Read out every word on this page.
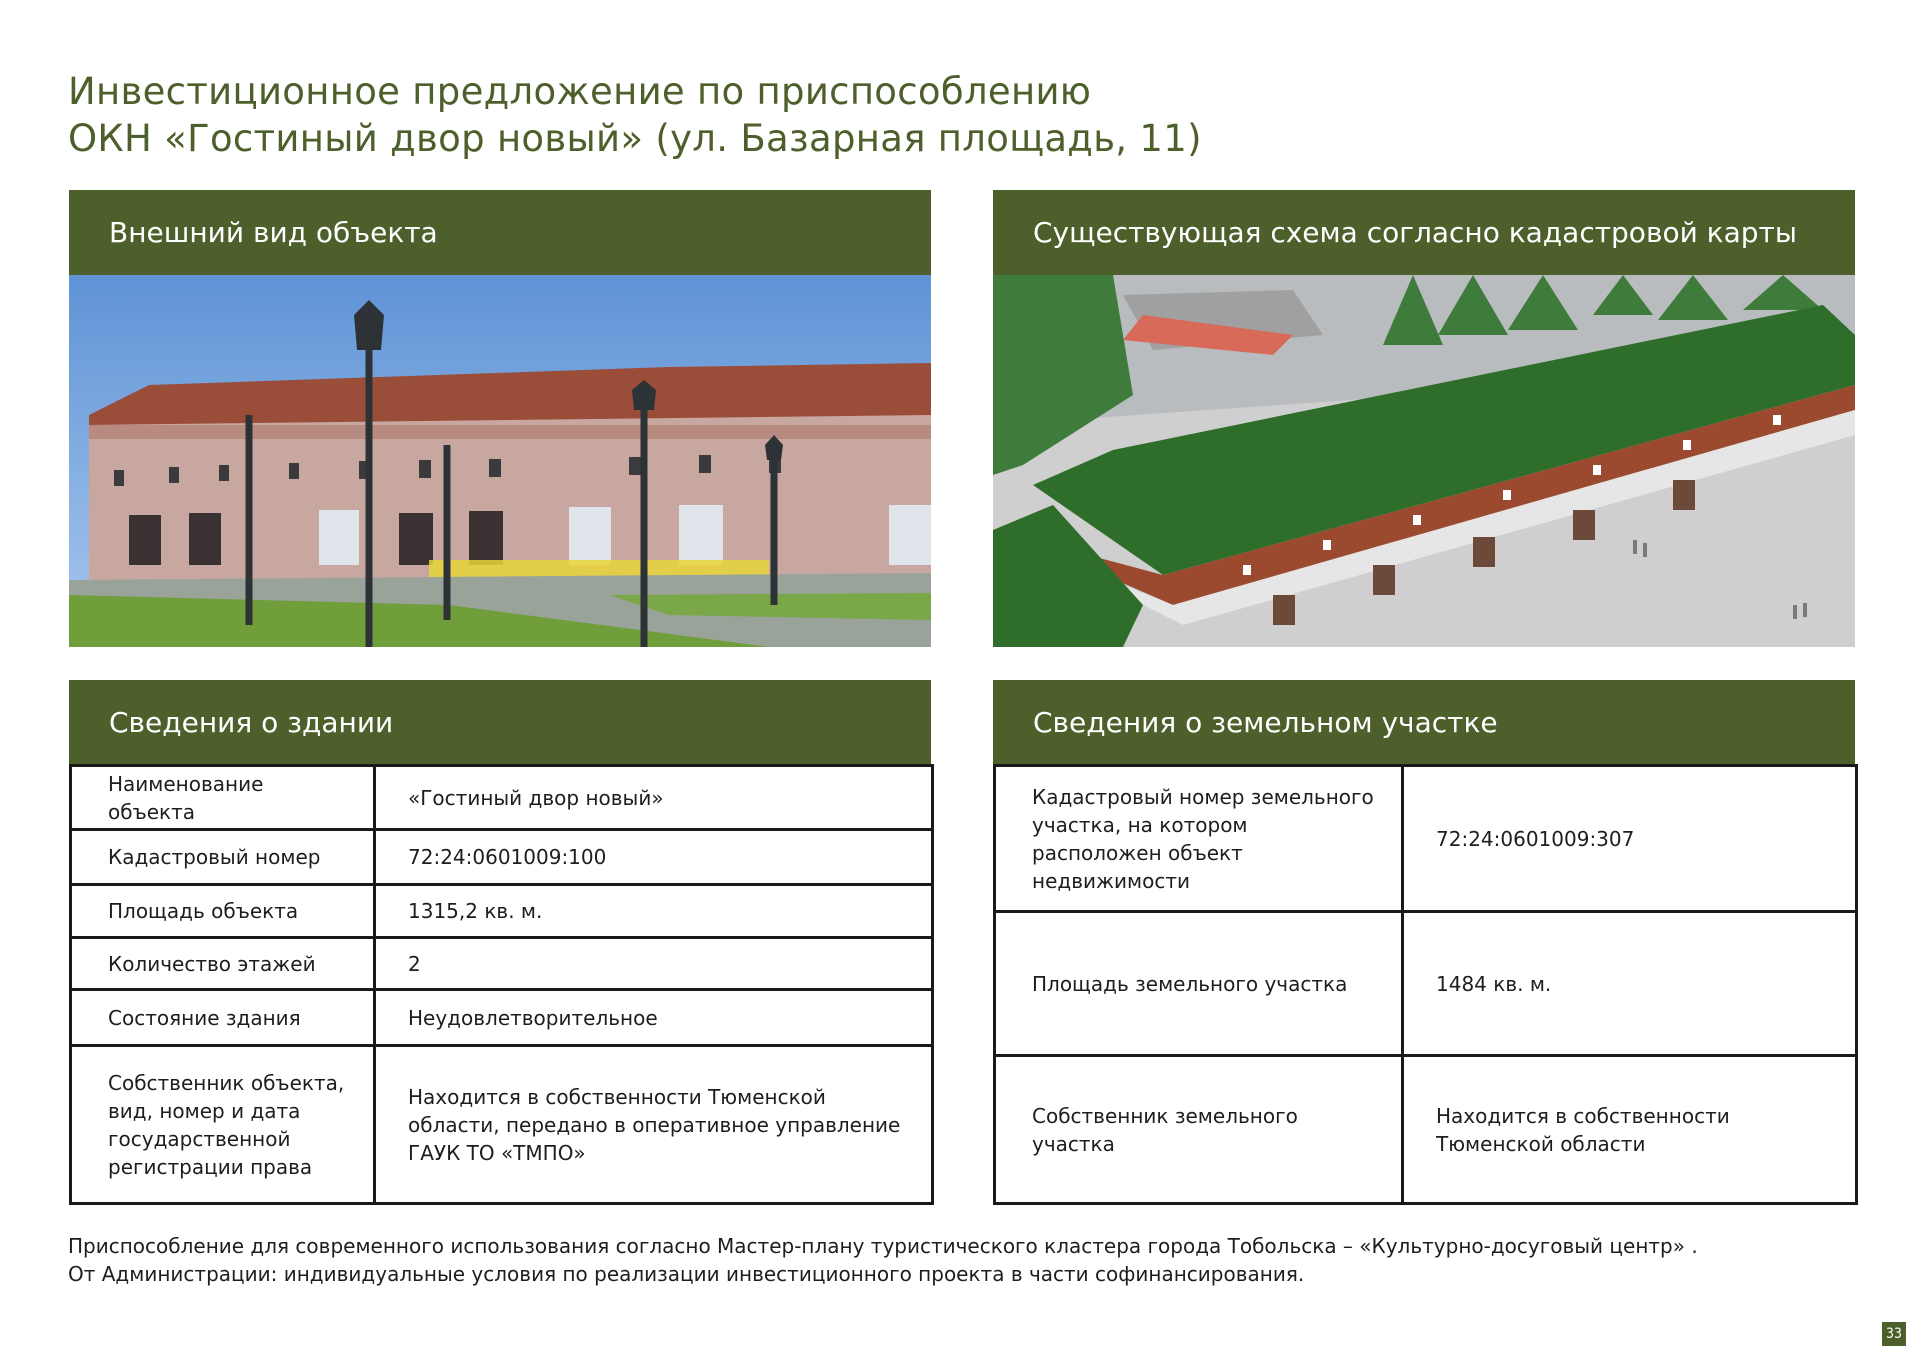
Инвестиционное предложение по приспособлению
ОКН «Гостиный двор новый» (ул. Базарная площадь, 11)
Внешний вид объекта	Существующая схема согласно кадастровой карты
Сведения о здании
Наименование объекта	«Гостиный двор новый»
Кадастровый номер	72:24:0601009:100
Площадь объекта	1315,2 кв. м.
Количество этажей	2
Состояние здания	Неудовлетворительное
Собственник объекта, вид, номер и дата государственной регистрации права	Находится в собственности Тюменской области, передано в оперативное управление ГАУК ТО «ТМПО»
Сведения о земельном участке
Кадастровый номер земельного участка, на котором расположен объект недвижимости	72:24:0601009:307
Площадь земельного участка	1484 кв. м.
Собственник земельного участка	Находится в собственности Тюменской области
Приспособление для современного использования согласно Мастер-плану туристического кластера города Тобольска – «Культурно-досуговый центр» .
От Администрации: индивидуальные условия по реализации инвестиционного проекта в части софинансирования.
33
